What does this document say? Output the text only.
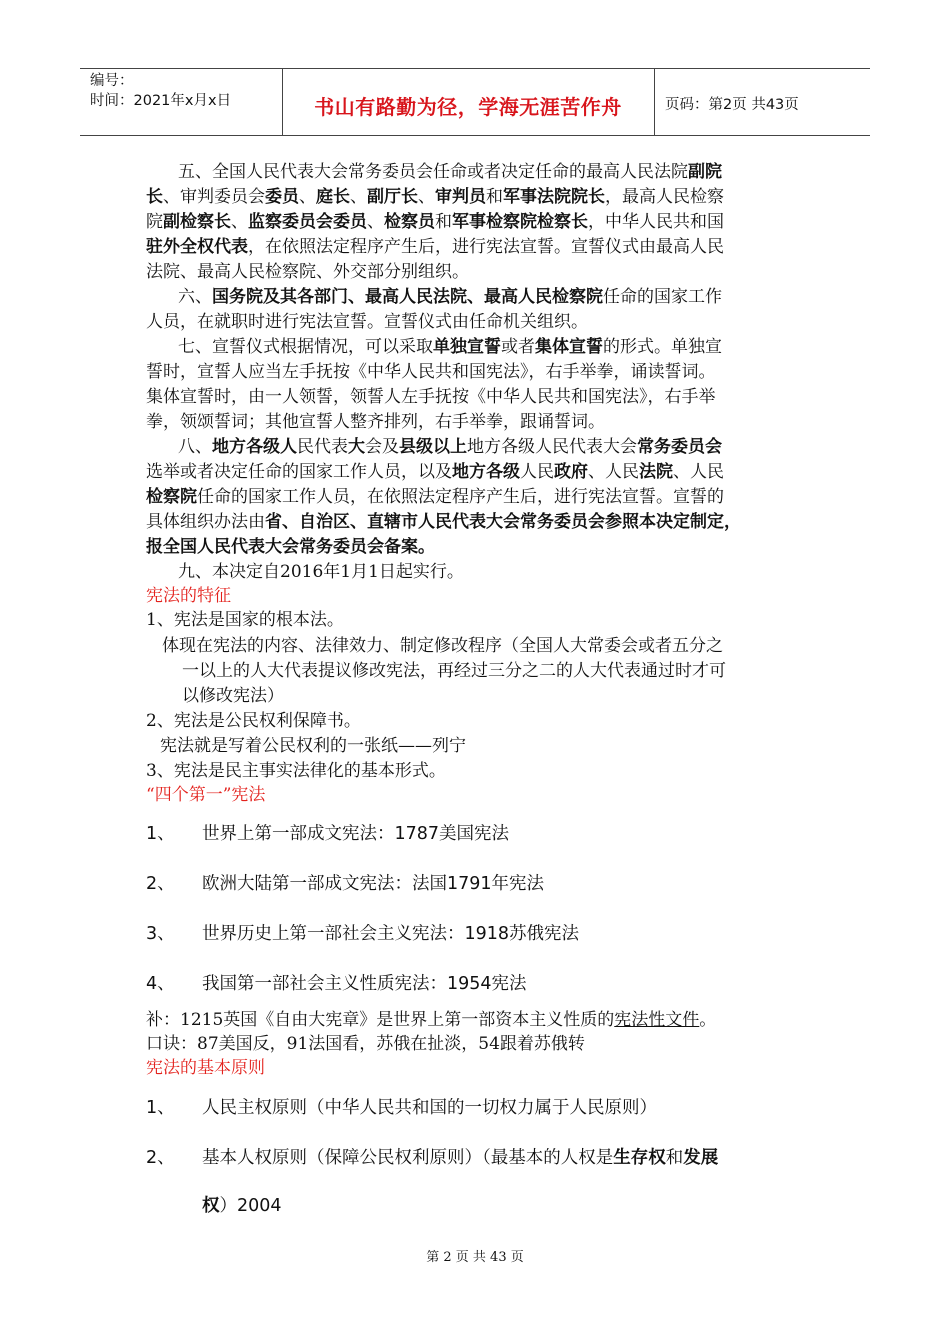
编号：
时间：2021年x月x日	书山有路勤为径，学海无涯苦作舟	页码：第2页 共43页

五、全国人民代表大会常务委员会任命或者决定任命的最高人民法院副院

长、审判委员会委员、庭长、副厅长、审判员和军事法院院长，最高人民检察

院副检察长、监察委员会委员、检察员和军事检察院检察长，中华人民共和国

驻外全权代表，在依照法定程序产生后，进行宪法宣誓。宣誓仪式由最高人民

法院、最高人民检察院、外交部分别组织。

六、国务院及其各部门、最高人民法院、最高人民检察院任命的国家工作

人员，在就职时进行宪法宣誓。宣誓仪式由任命机关组织。

七、宣誓仪式根据情况，可以采取单独宣誓或者集体宣誓的形式。单独宣

誓时，宣誓人应当左手抚按《中华人民共和国宪法》，右手举拳，诵读誓词。

集体宣誓时，由一人领誓，领誓人左手抚按《中华人民共和国宪法》，右手举

拳，领颂誓词；其他宣誓人整齐排列，右手举拳，跟诵誓词。

八、地方各级人民代表大会及县级以上地方各级人民代表大会常务委员会

选举或者决定任命的国家工作人员，以及地方各级人民政府、人民法院、人民

检察院任命的国家工作人员，在依照法定程序产生后，进行宪法宣誓。宣誓的

具体组织办法由省、自治区、直辖市人民代表大会常务委员会参照本决定制定，

报全国人民代表大会常务委员会备案。

九、本决定自2016年1月1日起实行。

宪法的特征

1、宪法是国家的根本法。

体现在宪法的内容、法律效力、制定修改程序（全国人大常委会或者五分之

一以上的人大代表提议修改宪法，再经过三分之二的人大代表通过时才可

以修改宪法）

2、宪法是公民权利保障书。

宪法就是写着公民权利的一张纸——列宁

3、宪法是民主事实法律化的基本形式。

“四个第一”宪法

1、 世界上第一部成文宪法：1787美国宪法
2、 欧洲大陆第一部成文宪法：法国1791年宪法
3、 世界历史上第一部社会主义宪法：1918苏俄宪法
4、 我国第一部社会主义性质宪法：1954宪法

补：1215英国《自由大宪章》是世界上第一部资本主义性质的宪法性文件。

口诀：87美国反，91法国看，苏俄在扯淡，54跟着苏俄转

宪法的基本原则

1、 人民主权原则（中华人民共和国的一切权力属于人民原则）
2、 基本人权原则（保障公民权利原则）（最基本的人权是生存权和发展
权）2004
第 2 页 共 43 页
